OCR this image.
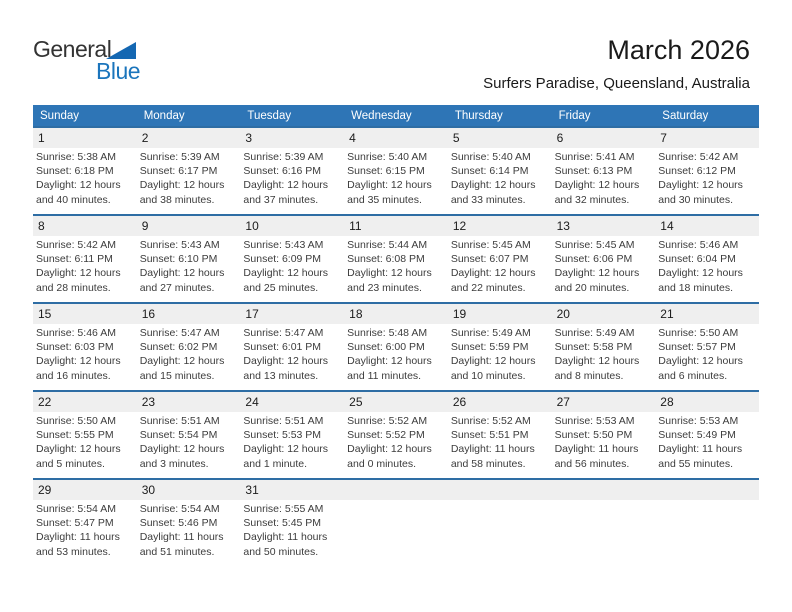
General
Blue
March 2026
Surfers Paradise, Queensland, Australia
Sunday	Monday	Tuesday	Wednesday	Thursday	Friday	Saturday
1	2	3	4	5	6	7
Sunrise: 5:38 AM
Sunset: 6:18 PM
Daylight: 12 hours
and 40 minutes.
Sunrise: 5:39 AM
Sunset: 6:17 PM
Daylight: 12 hours
and 38 minutes.
Sunrise: 5:39 AM
Sunset: 6:16 PM
Daylight: 12 hours
and 37 minutes.
Sunrise: 5:40 AM
Sunset: 6:15 PM
Daylight: 12 hours
and 35 minutes.
Sunrise: 5:40 AM
Sunset: 6:14 PM
Daylight: 12 hours
and 33 minutes.
Sunrise: 5:41 AM
Sunset: 6:13 PM
Daylight: 12 hours
and 32 minutes.
Sunrise: 5:42 AM
Sunset: 6:12 PM
Daylight: 12 hours
and 30 minutes.
8	9	10	11	12	13	14
Sunrise: 5:42 AM
Sunset: 6:11 PM
Daylight: 12 hours
and 28 minutes.
Sunrise: 5:43 AM
Sunset: 6:10 PM
Daylight: 12 hours
and 27 minutes.
Sunrise: 5:43 AM
Sunset: 6:09 PM
Daylight: 12 hours
and 25 minutes.
Sunrise: 5:44 AM
Sunset: 6:08 PM
Daylight: 12 hours
and 23 minutes.
Sunrise: 5:45 AM
Sunset: 6:07 PM
Daylight: 12 hours
and 22 minutes.
Sunrise: 5:45 AM
Sunset: 6:06 PM
Daylight: 12 hours
and 20 minutes.
Sunrise: 5:46 AM
Sunset: 6:04 PM
Daylight: 12 hours
and 18 minutes.
15	16	17	18	19	20	21
Sunrise: 5:46 AM
Sunset: 6:03 PM
Daylight: 12 hours
and 16 minutes.
Sunrise: 5:47 AM
Sunset: 6:02 PM
Daylight: 12 hours
and 15 minutes.
Sunrise: 5:47 AM
Sunset: 6:01 PM
Daylight: 12 hours
and 13 minutes.
Sunrise: 5:48 AM
Sunset: 6:00 PM
Daylight: 12 hours
and 11 minutes.
Sunrise: 5:49 AM
Sunset: 5:59 PM
Daylight: 12 hours
and 10 minutes.
Sunrise: 5:49 AM
Sunset: 5:58 PM
Daylight: 12 hours
and 8 minutes.
Sunrise: 5:50 AM
Sunset: 5:57 PM
Daylight: 12 hours
and 6 minutes.
22	23	24	25	26	27	28
Sunrise: 5:50 AM
Sunset: 5:55 PM
Daylight: 12 hours
and 5 minutes.
Sunrise: 5:51 AM
Sunset: 5:54 PM
Daylight: 12 hours
and 3 minutes.
Sunrise: 5:51 AM
Sunset: 5:53 PM
Daylight: 12 hours
and 1 minute.
Sunrise: 5:52 AM
Sunset: 5:52 PM
Daylight: 12 hours
and 0 minutes.
Sunrise: 5:52 AM
Sunset: 5:51 PM
Daylight: 11 hours
and 58 minutes.
Sunrise: 5:53 AM
Sunset: 5:50 PM
Daylight: 11 hours
and 56 minutes.
Sunrise: 5:53 AM
Sunset: 5:49 PM
Daylight: 11 hours
and 55 minutes.
29	30	31
Sunrise: 5:54 AM
Sunset: 5:47 PM
Daylight: 11 hours
and 53 minutes.
Sunrise: 5:54 AM
Sunset: 5:46 PM
Daylight: 11 hours
and 51 minutes.
Sunrise: 5:55 AM
Sunset: 5:45 PM
Daylight: 11 hours
and 50 minutes.
